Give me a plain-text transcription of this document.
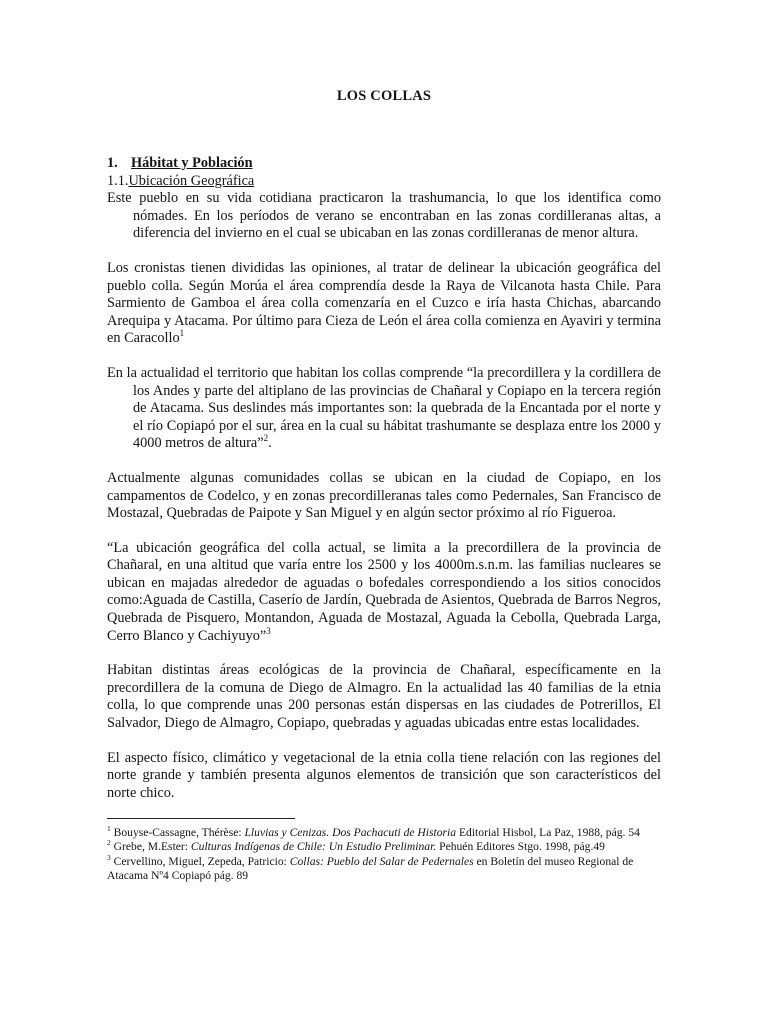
LOS COLLAS
1. Hábitat y Población
1.1.Ubicación Geográfica

Este pueblo en su vida cotidiana practicaron la trashumancia, lo que los identifica como nómades. En los períodos de verano se encontraban en las zonas cordilleranas altas, a diferencia del invierno en el cual se ubicaban en las zonas cordilleranas de menor altura.

Los cronistas tienen divididas las opiniones, al tratar de delinear la ubicación geográfica del pueblo colla. Según Morúa el área comprendía desde la Raya de Vilcanota hasta Chile. Para Sarmiento de Gamboa el área colla comenzaría en el Cuzco e iría hasta Chichas, abarcando Arequipa y Atacama. Por último para Cieza de León el área colla comienza en Ayaviri y termina en Caracollo$^1$

En la actualidad el territorio que habitan los collas comprende “la precordillera y la cordillera de los Andes y parte del altiplano de las provincias de Chañaral y Copiapo en la tercera región de Atacama. Sus deslindes más importantes son: la quebrada de la Encantada por el norte y el río Copiapó por el sur, área en la cual su hábitat trashumante se desplaza entre los 2000 y 4000 metros de altura”$^2$.

Actualmente algunas comunidades collas se ubican en la ciudad de Copiapo, en los campamentos de Codelco, y en zonas precordilleranas tales como Pedernales, San Francisco de Mostazal, Quebradas de Paipote y San Miguel y en algún sector próximo al río Figueroa.

“La ubicación geográfica del colla actual, se limita a la precordillera de la provincia de Chañaral, en una altitud que varía entre los 2500 y los 4000m.s.n.m. las familias nucleares se ubican en majadas alrededor de aguadas o bofedales correspondiendo a los sitios conocidos como:Aguada de Castilla, Caserío de Jardín, Quebrada de Asientos, Quebrada de Barros Negros, Quebrada de Pisquero, Montandon, Aguada de Mostazal, Aguada la Cebolla, Quebrada Larga, Cerro Blanco y Cachiyuyo”$^3$

Habitan distintas áreas ecológicas de la provincia de Chañaral, específicamente en la precordillera de la comuna de Diego de Almagro. En la actualidad las 40 familias de la etnia colla, lo que comprende unas 200 personas están dispersas en las ciudades de Potrerillos, El Salvador, Diego de Almagro, Copiapo, quebradas y aguadas ubicadas entre estas localidades.

El aspecto físico, climático y vegetacional de la etnia colla tiene relación con las regiones del norte grande y también presenta algunos elementos de transición que son característicos del norte chico.

$^1$ Bouyse-Cassagne, Thérèse: Lluvias y Cenizas. Dos Pachacuti de Historia Editorial Hisbol, La Paz, 1988, pág. 54
$^2$ Grebe, M.Ester: Culturas Indígenas de Chile: Un Estudio Preliminar. Pehuén Editores Stgo. 1998, pág.49
$^3$ Cervellino, Miguel, Zepeda, Patricio: Collas: Pueblo del Salar de Pedernales en Boletín del museo Regional de Atacama Nº4 Copiapó pág. 89
